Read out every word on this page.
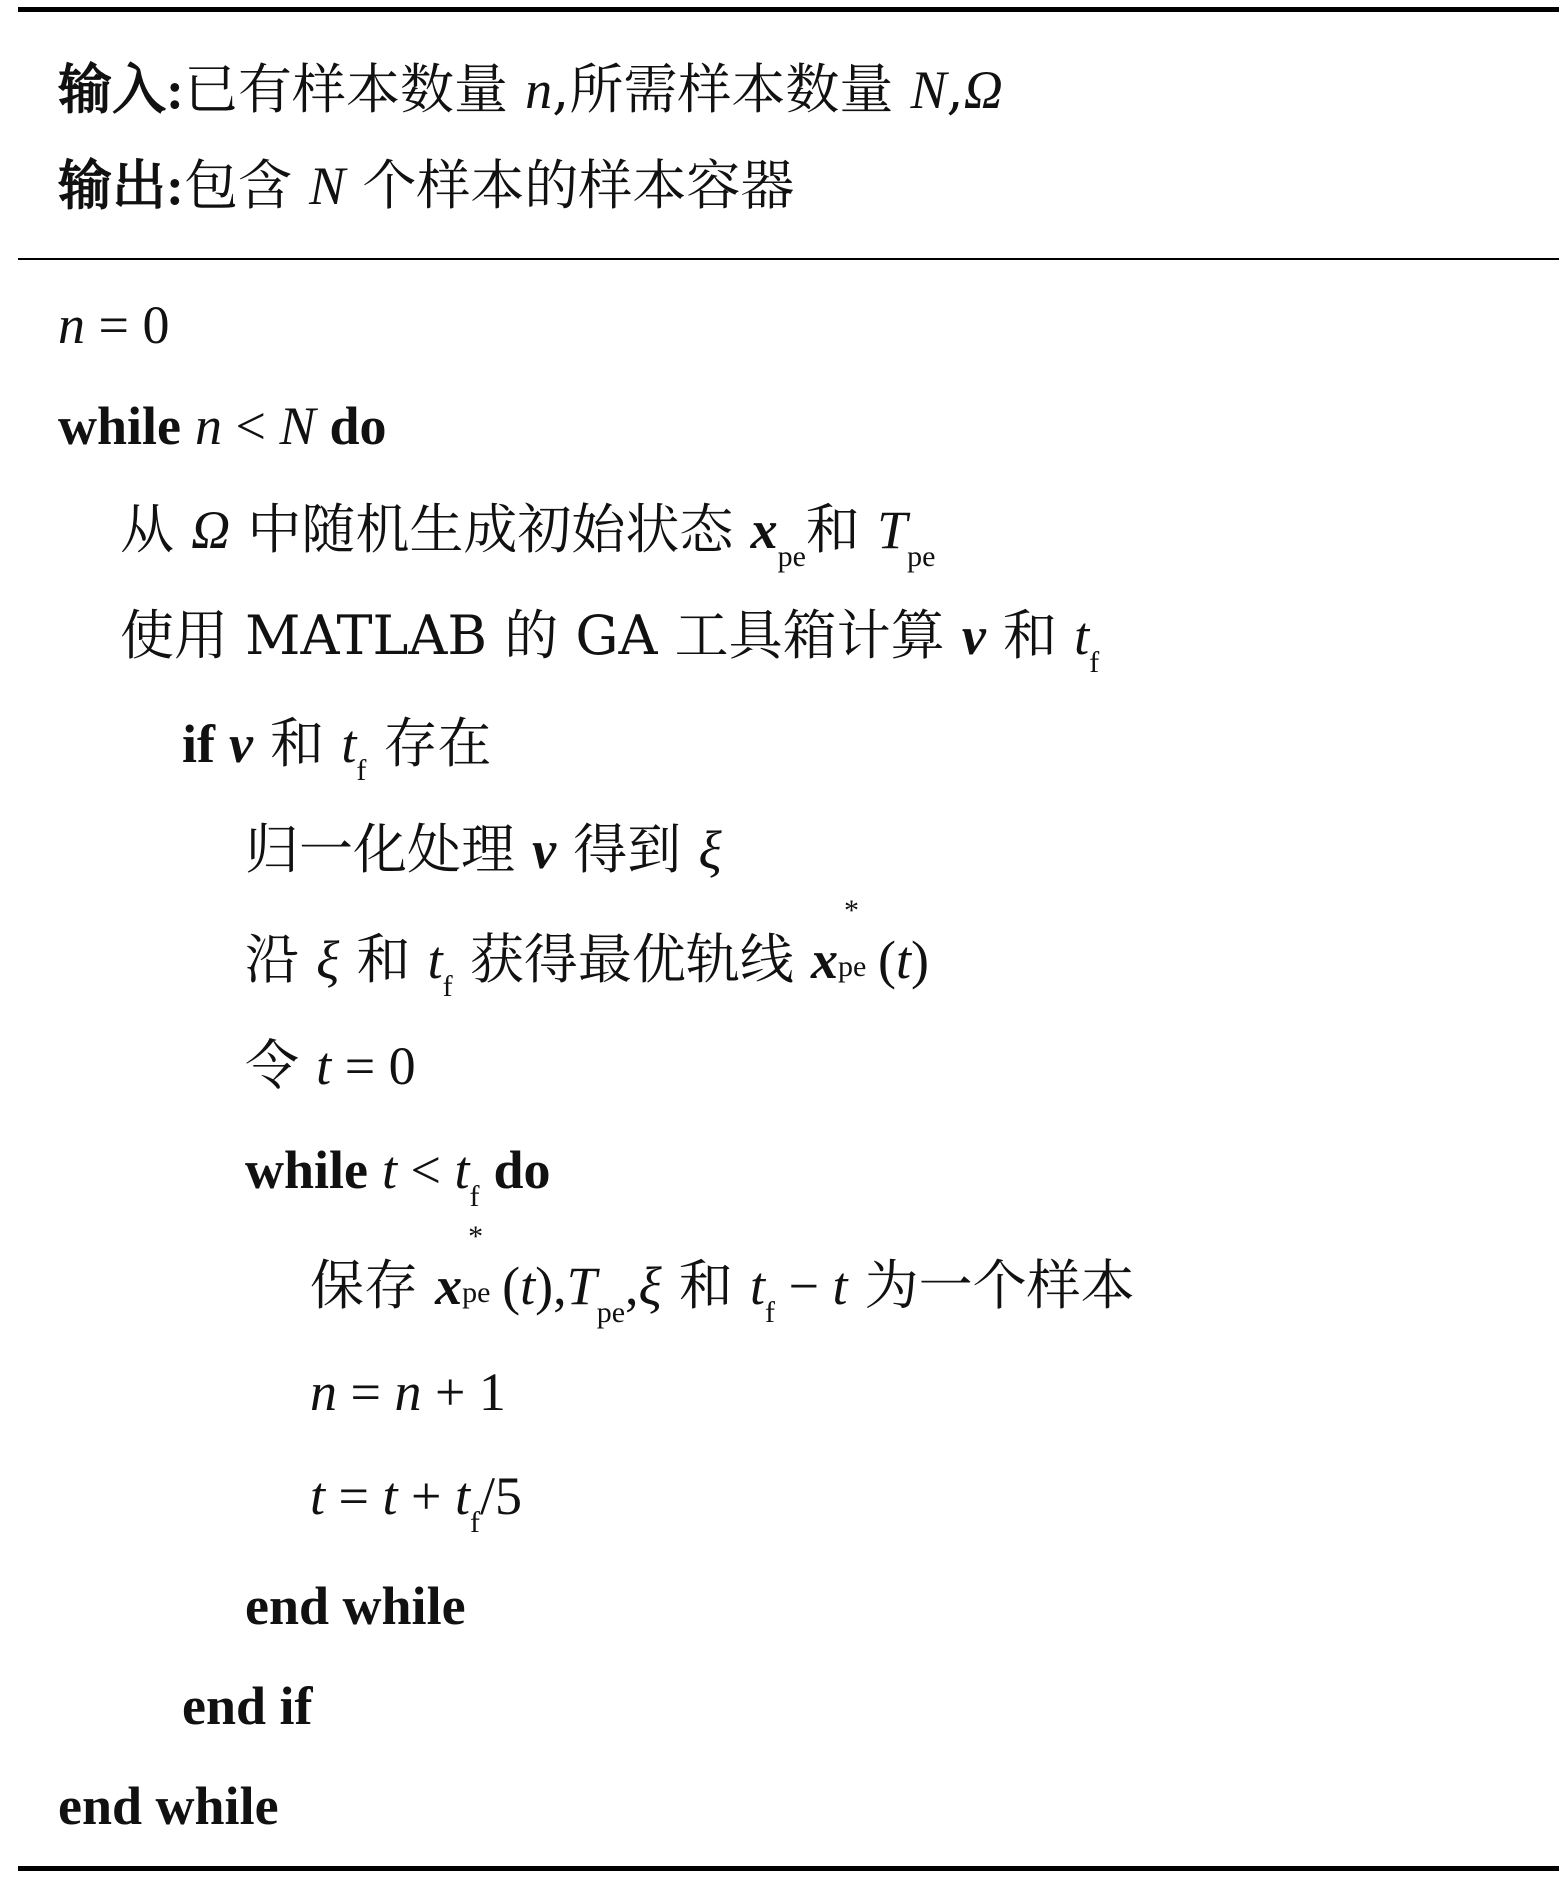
输入:已有样本数量 n,所需样本数量 N,Ω
输出:包含 N 个样本的样本容器
n = 0
while n < N do
从 Ω 中随机生成初始状态 $x_{pe}$和 $T_{pe}$
使用 MATLAB 的 GA 工具箱计算 v 和 $t_f$
if v 和 $t_f$ 存在
归一化处理 v 得到 ξ
沿 ξ 和 $t_f$ 获得最优轨线 x
*
pe (t)
令 t = 0
while $t < t_f$ do
保存 x
*
pe $(t),T_{pe},\xi$ 和 $t_f - t$ 为一个样本
n = n + 1
$t = t + t_f/5$
end while
end if
end while
